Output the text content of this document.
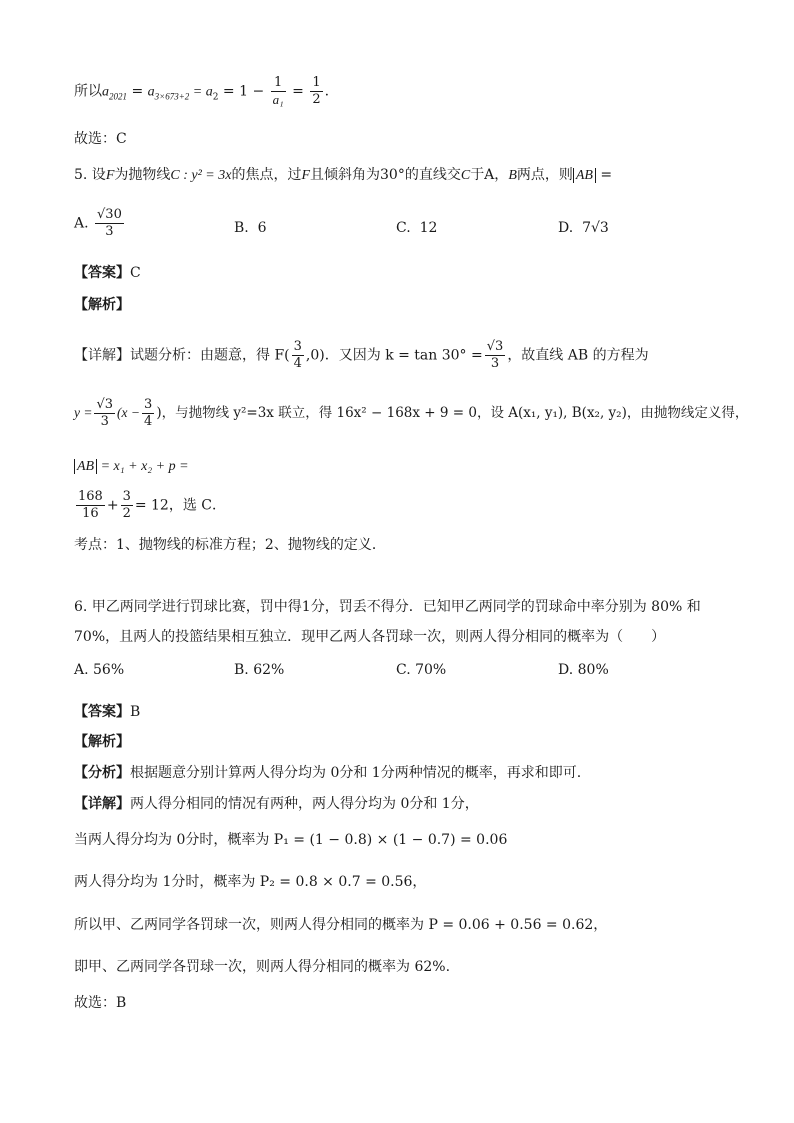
所以$a_{2021} = a_{3\times 673+2} = a_2 = 1 - \frac{1}{\text{a₁}} = \frac{1}{2}$ .
故选：C
5. 设F为抛物线C : y² = 3x的焦点，过F且倾斜角为30°的直线交C于A，B两点，则 AB =
A. $\frac{√30}{3}$	B. 6	C. 12	D. 7√3
【答案】C
【解析】
【详解】试题分析：由题意，得 $F( \frac{3}{4} ,0)$．又因为 $k = \tan 30^\circ = \frac{√3}{3}$ ，故直线 AB 的方程为
$y = \frac{√3}{3} (x - \frac{3}{4}$ )，与抛物线 y²=3x 联立，得 16x² − 168x + 9 = 0，设 A(x₁, y₁), B(x₂, y₂)，由抛物线定义得，
AB = x₁ + x₂ + p =
$\frac{168}{16} + \frac{3}{2} = 12$，选 C．
考点：1、抛物线的标准方程；2、抛物线的定义．
6. 甲乙两同学进行罚球比赛，罚中得1分，罚丢不得分．已知甲乙两同学的罚球命中率分别为 80% 和
70%，且两人的投篮结果相互独立．现甲乙两人各罚球一次，则两人得分相同的概率为（　　）
A. 56%	B. 62%	C. 70%	D. 80%
【答案】B
【解析】
【分析】根据题意分别计算两人得分均为 0分和 1分两种情况的概率，再求和即可.
【详解】两人得分相同的情况有两种，两人得分均为 0分和 1分，
当两人得分均为 0分时，概率为 P₁ = (1 − 0.8) × (1 − 0.7) = 0.06
两人得分均为 1分时，概率为 P₂ = 0.8 × 0.7 = 0.56，
所以甲、乙两同学各罚球一次，则两人得分相同的概率为 P = 0.06 + 0.56 = 0.62，
即甲、乙两同学各罚球一次，则两人得分相同的概率为 62%.
故选：B
